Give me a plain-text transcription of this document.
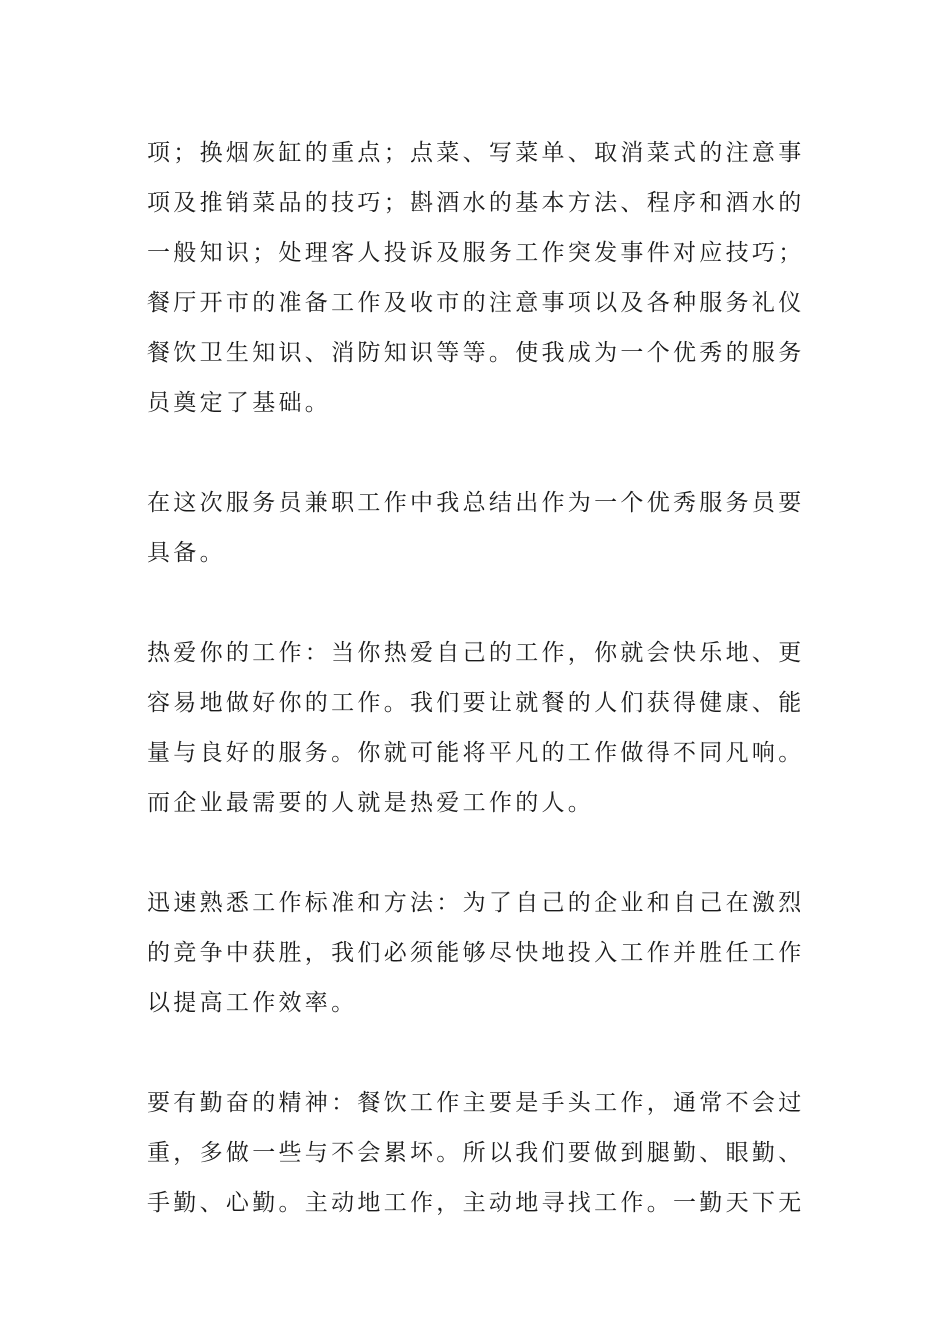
项；换烟灰缸的重点；点菜、写菜单、取消菜式的注意事
项及推销菜品的技巧；斟酒水的基本方法、程序和酒水的
一般知识；处理客人投诉及服务工作突发事件对应技巧；
餐厅开市的准备工作及收市的注意事项以及各种服务礼仪
餐饮卫生知识、消防知识等等。使我成为一个优秀的服务
员奠定了基础。
在这次服务员兼职工作中我总结出作为一个优秀服务员要
具备。
热爱你的工作：当你热爱自己的工作，你就会快乐地、更
容易地做好你的工作。我们要让就餐的人们获得健康、能
量与良好的服务。你就可能将平凡的工作做得不同凡响。
而企业最需要的人就是热爱工作的人。
迅速熟悉工作标准和方法：为了自己的企业和自己在激烈
的竞争中获胜，我们必须能够尽快地投入工作并胜任工作
以提高工作效率。
要有勤奋的精神：餐饮工作主要是手头工作，通常不会过
重，多做一些与不会累坏。所以我们要做到腿勤、眼勤、
手勤、心勤。主动地工作，主动地寻找工作。一勤天下无
